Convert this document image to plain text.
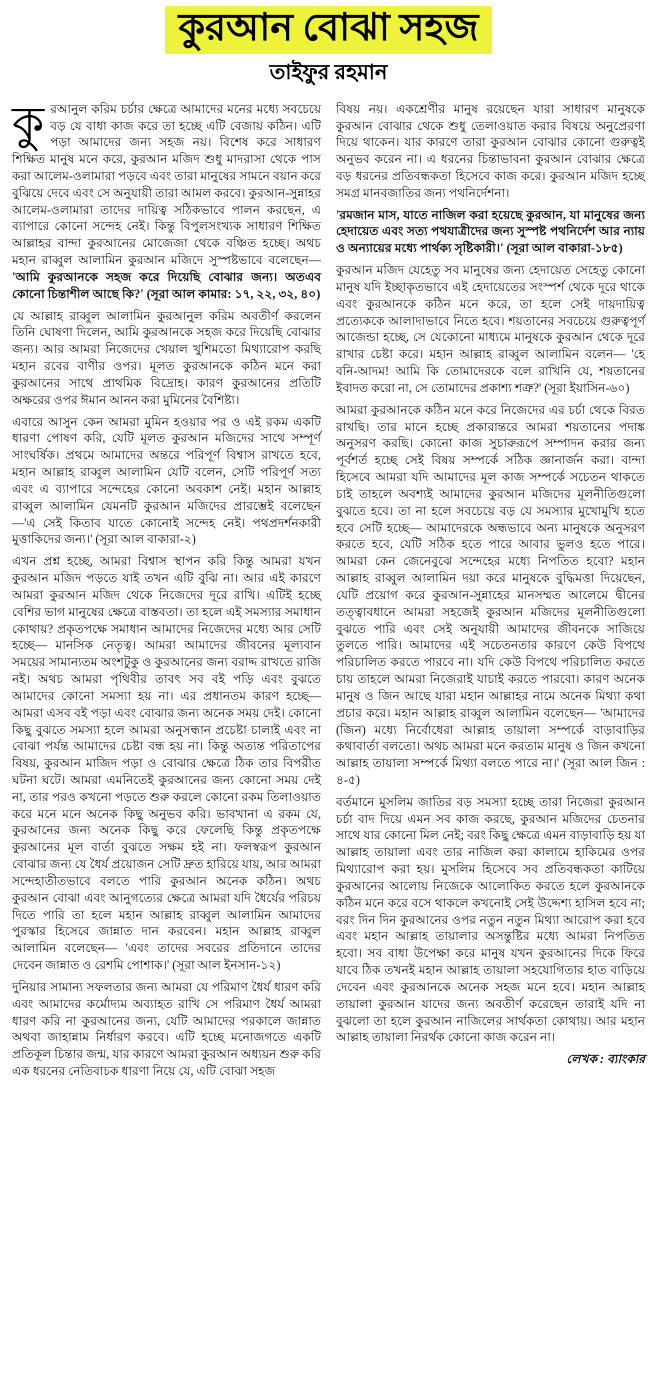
কুরআন বোঝা সহজ
তাইফুর রহমান

কুরআনুল করিম চর্চার ক্ষেত্রে আমাদের মনের মধ্যে সবচেয়ে বড় যে বাধা কাজ করে তা হচ্ছে এটি বেজায় কঠিন। এটি পড়া আমাদের জন্য সহজ নয়। বিশেষ করে সাধারণ শিক্ষিত মানুষ মনে করে, কুরআন মজিদ শুধু মাদরাসা থেকে পাস করা আলেম-ওলামারা পড়বে এবং তারা মানুষের সামনে বয়ান করে বুঝিয়ে দেবে এবং সে অনুযায়ী তারা আমল করবে। কুরআন-সুন্নাহর আলেম-ওলামারা তাদের দায়িত্ব সঠিকভাবে পালন করছেন, এ ব্যাপারে কোনো সন্দেহ নেই। কিন্তু বিপুলসংখ্যক সাধারণ শিক্ষিত আল্লাহর বান্দা কুরআনের মোজেজা থেকে বঞ্চিত হচ্ছে। অথচ মহান রাব্বুল আলামিন কুরআন মজিদে সুস্পষ্টভাবে বলেছেন— 'আমি কুরআনকে সহজ করে দিয়েছি বোঝার জন্য। অতএব কোনো চিন্তাশীল আছে কি?' (সূরা আল কামার: ১৭, ২২, ৩২, ৪০)

যে আল্লাহ রাব্বুল আলামিন কুরআনুল করিম অবতীর্ণ করলেন তিনি ঘোষণা দিলেন, আমি কুরআনকে সহজ করে দিয়েছি বোঝার জন্য। আর আমরা নিজেদের খেয়াল খুশিমতো মিথ্যারোপ করছি মহান রবের বাণীর ওপর। মূলত কুরআনকে কঠিন মনে করা কুরআনের সাথে প্রাথমিক বিদ্রোহ। কারণ কুরআনের প্রতিটি অক্ষরের ওপর ঈমান আনন করা মুমিনের বৈশিষ্ট্য।

এবারে আসুন কেন আমরা মুমিন হওয়ার পর ও এই রকম একটি ধারণা পোষণ করি, যেটি মূলত কুরআন মজিদের সাথে সম্পূর্ণ সাংঘর্ষিক। প্রথমে আমাদের অন্তরে পরিপূর্ণ বিশ্বাস রাখতে হবে, মহান আল্লাহ রাব্বুল আলামিন যেটি বলেন, সেটি পরিপূর্ণ সত্য এবং এ ব্যাপারে সন্দেহের কোনো অবকাশ নেই। মহান আল্লাহ রাব্বুল আলামিন যেমনটি কুরআন মজিদের প্রারম্ভেই বলেছেন—'এ সেই কিতাব যাতে কোনোই সন্দেহ নেই। পথপ্রদর্শনকারী মুত্তাকিদের জন্য।' (সূরা আল বাকারা-২)

এখন প্রশ্ন হচ্ছে, আমরা বিশ্বাস স্থাপন করি কিন্তু আমরা যখন কুরআন মজিদ পড়তে যাই তখন এটি বুঝি না। আর এই কারণে আমরা কুরআন মজিদ থেকে নিজেদের দূরে রাখি। এটিই হচ্ছে বেশির ভাগ মানুষের ক্ষেত্রে বাস্তবতা। তা হলে এই সমস্যার সমাধান কোথায়? প্রকৃতপক্ষে সমাধান আমাদের নিজেদের মধ্যে আর সেটি হচ্ছে— মানসিক নেতৃত্ব। আমরা আমাদের জীবনের মূল্যবান সময়ের সামান্যতম অংশটুকু ও কুরআনের জন্য বরাদ্দ রাখতে রাজি নই। অথচ আমরা পৃথিবীর তাবৎ সব বই পড়ি এবং বুঝতে আমাদের কোনো সমস্যা হয় না। এর প্রধানতম কারণ হচ্ছে— আমরা এসব বই পড়া এবং বোঝার জন্য অনেক সময় দেই। কোনো কিছু বুঝতে সমস্যা হলে আমরা অনুসন্ধান প্রচেষ্টা চালাই এবং না বোঝা পর্যন্ত আমাদের চেষ্টা বন্ধ হয় না। কিন্তু অত্যন্ত পরিতাপের বিষয়, কুরআন মাজিদ পড়া ও বোঝার ক্ষেত্রে ঠিক তার বিপরীত ঘটনা ঘটে। আমরা এমনিতেই কুরআনের জন্য কোনো সময় দেই না, তার পরও কখনো পড়তে শুরু করলে কোনো রকম তিলাওয়াত করে মনে মনে অনেক কিছু অনুভব করি। ভাবখানা এ রকম যে, কুরআনের জন্য অনেক কিছু করে ফেলেছি কিন্তু প্রকৃতপক্ষে কুরআনের মূল বার্তা বুঝতে সক্ষম হই না। ফলস্বরূপ কুরআন বোঝার জন্য যে ধৈর্য প্রয়োজন সেটি দ্রুত হারিয়ে যায়, আর আমরা সন্দেহাতীতভাবে বলতে পারি কুরআন অনেক কঠিন। অথচ কুরআন বোঝা এবং আনুগত্যের ক্ষেত্রে আমরা যদি ধৈর্যের পরিচয় দিতে পারি তা হলে মহান আল্লাহ রাব্বুল আলামিন আমাদের পুরস্কার হিসেবে জান্নাত দান করবেন। মহান আল্লাহ রাব্বুল আলামিন বলেছেন— 'এবং তাদের সবরের প্রতিদানে তাদের দেবেন জান্নাত ও রেশমি পোশাক।' (সূরা আল ইনসান-১২)

দুনিয়ার সামান্য সফলতার জন্য আমরা যে পরিমাণ ধৈর্য ধারণ করি এবং আমাদের কর্মোদ্যম অব্যাহত রাখি সে পরিমাণ ধৈর্য আমরা ধারণ করি না কুরআনের জন্য, যেটি আমাদের পরকালে জান্নাত অথবা জাহান্নাম নির্ধারণ করবে। এটি হচ্ছে মনোজগতে একটি প্রতিকূল চিন্তার জন্ম, যার কারণে আমরা কুরআন অধ্যয়ন শুরু করি এক ধরনের নেতিবাচক ধারণা নিয়ে যে, এটি বোঝা সহজ

বিষয় নয়। একশ্রেণীর মানুষ রয়েছেন যারা সাধারণ মানুষকে কুরআন বোঝার থেকে শুধু তেলাওয়াত করার বিষয়ে অনুপ্রেরণা দিয়ে থাকেন। যার কারণে তারা কুরআন বোঝার কোনো গুরুত্বই অনুভব করেন না। এ ধরনের চিন্তাভাবনা কুরআন বোঝার ক্ষেত্রে বড় ধরনের প্রতিবন্ধকতা হিসেবে কাজ করে। কুরআন মজিদ হচ্ছে সমগ্র মানবজাতির জন্য পথনির্দেশনা।

'রমজান মাস, যাতে নাজিল করা হয়েছে কুরআন, যা মানুষের জন্য হেদায়েত এবং সত্য পথযাত্রীদের জন্য সুস্পষ্ট পথনির্দেশ আর ন্যায় ও অন্যায়ের মধ্যে পার্থক্য সৃষ্টিকারী।' (সূরা আল বাকারা-১৮৫)

কুরআন মজিদ যেহেতু সব মানুষের জন্য হেদায়েত সেহেতু কোনো মানুষ যদি ইচ্ছাকৃতভাবে এই হেদায়েতের সংস্পর্শ থেকে দূরে থাকে এবং কুরআনকে কঠিন মনে করে, তা হলে সেই দায়দায়িত্ব প্রত্যেককে আলাদাভাবে নিতে হবে। শয়তানের সবচেয়ে গুরুত্বপূর্ণ আজেন্ডা হচ্ছে, সে যেকোনো মাধ্যমে মানুষকে কুরআন থেকে দূরে রাখার চেষ্টা করে। মহান আল্লাহ রাব্বুল আলামিন বলেন— 'হে বনি-আদম! আমি কি তোমাদেরকে বলে রাখিনি যে, শয়তানের ইবাদত করো না, সে তোমাদের প্রকাশ্য শত্রু?' (সূরা ইয়াসিন-৬০)

আমরা কুরআনকে কঠিন মনে করে নিজেদের এর চর্চা থেকে বিরত রাখছি। তার মানে হচ্ছে প্রকারান্তরে আমরা শয়তানের পদাঙ্ক অনুসরণ করছি। কোনো কাজ সুচারুরূপে সম্পাদন করার জন্য পূর্বশর্ত হচ্ছে সেই বিষয় সম্পর্কে সঠিক জ্ঞানার্জন করা। বান্দা হিসেবে আমরা যদি আমাদের মূল কাজ সম্পর্কে সচেতন থাকতে চাই তাহলে অবশ্যই আমাদের কুরআন মজিদের মূলনীতিগুলো বুঝতে হবে। তা না হলে সবচেয়ে বড় যে সমস্যার মুখোমুখি হতে হবে সেটি হচ্ছে— আমাদেরকে অন্ধভাবে অন্য মানুষকে অনুসরণ করতে হবে, যেটি সঠিক হতে পারে আবার ভুলও হতে পারে। আমরা কেন জেনেবুঝে সন্দেহের মধ্যে নিপতিত হবো? মহান আল্লাহ রাব্বুল আলামিন দয়া করে মানুষকে বুদ্ধিমত্তা দিয়েছেন, যেটি প্রয়োগ করে কুরআন-সুন্নাহের মানসম্মত আলেমে দ্বীনের তত্ত্বাবধানে আমরা সহজেই কুরআন মজিদের মূলনীতিগুলো বুঝতে পারি এবং সেই অনুযায়ী আমাদের জীবনকে সাজিয়ে তুলতে পারি। আমাদের এই সচেতনতার কারণে কেউ বিপথে পরিচালিত করতে পারবে না। যদি কেউ বিপথে পরিচালিত করতে চায় তাহলে আমরা নিজেরাই যাচাই করতে পারবো। কারণ অনেক মানুষ ও জিন আছে যারা মহান আল্লাহর নামে অনেক মিথ্যা কথা প্রচার করে। মহান আল্লাহ রাব্বুল আলামিন বলেছেন— 'আমাদের (জিন) মধ্যে নির্বোধেরা আল্লাহ তায়ালা সম্পর্কে বাড়াবাড়ির কথাবার্তা বলতো। অথচ আমরা মনে করতাম মানুষ ও জিন কখনো আল্লাহ তায়ালা সম্পর্কে মিথ্যা বলতে পারে না।' (সূরা আল জিন : ৪-৫)

বর্তমানে মুসলিম জাতির বড় সমস্যা হচ্ছে তারা নিজেরা কুরআন চর্চা বাদ দিয়ে এমন সব কাজ করছে, কুরআন মজিদের চেতনার সাথে যার কোনো মিল নেই; বরং কিছু ক্ষেত্রে এমন বাড়াবাড়ি হয় যা আল্লাহ তায়ালা এবং তার নাজিল করা কালামে হাকিমের ওপর মিথ্যারোপ করা হয়। মুসলিম হিসেবে সব প্রতিবন্ধকতা কাটিয়ে কুরআনের আলোয় নিজেকে আলোকিত করতে হলে কুরআনকে কঠিন মনে করে বসে থাকলে কখনোই সেই উদ্দেশ্য হাসিল হবে না; বরং দিন দিন কুরআনের ওপর নতুন নতুন মিথ্যা আরোপ করা হবে এবং মহান আল্লাহ তায়ালার অসন্তুষ্টির মধ্যে আমরা নিপতিত হবো। সব বাধা উপেক্ষা করে মানুষ যখন কুরআনের দিকে ফিরে যাবে ঠিক তখনই মহান আল্লাহ তায়ালা সহযোগিতার হাত বাড়িয়ে দেবেন এবং কুরআনকে অনেক সহজ মনে হবে। মহান আল্লাহ তায়ালা কুরআন যাদের জন্য অবতীর্ণ করেছেন তারাই যদি না বুঝলো তা হলে কুরআন নাজিলের সার্থকতা কোথায়। আর মহান আল্লাহ তায়ালা নিরর্থক কোনো কাজ করেন না।

লেখক : ব্যাংকার
